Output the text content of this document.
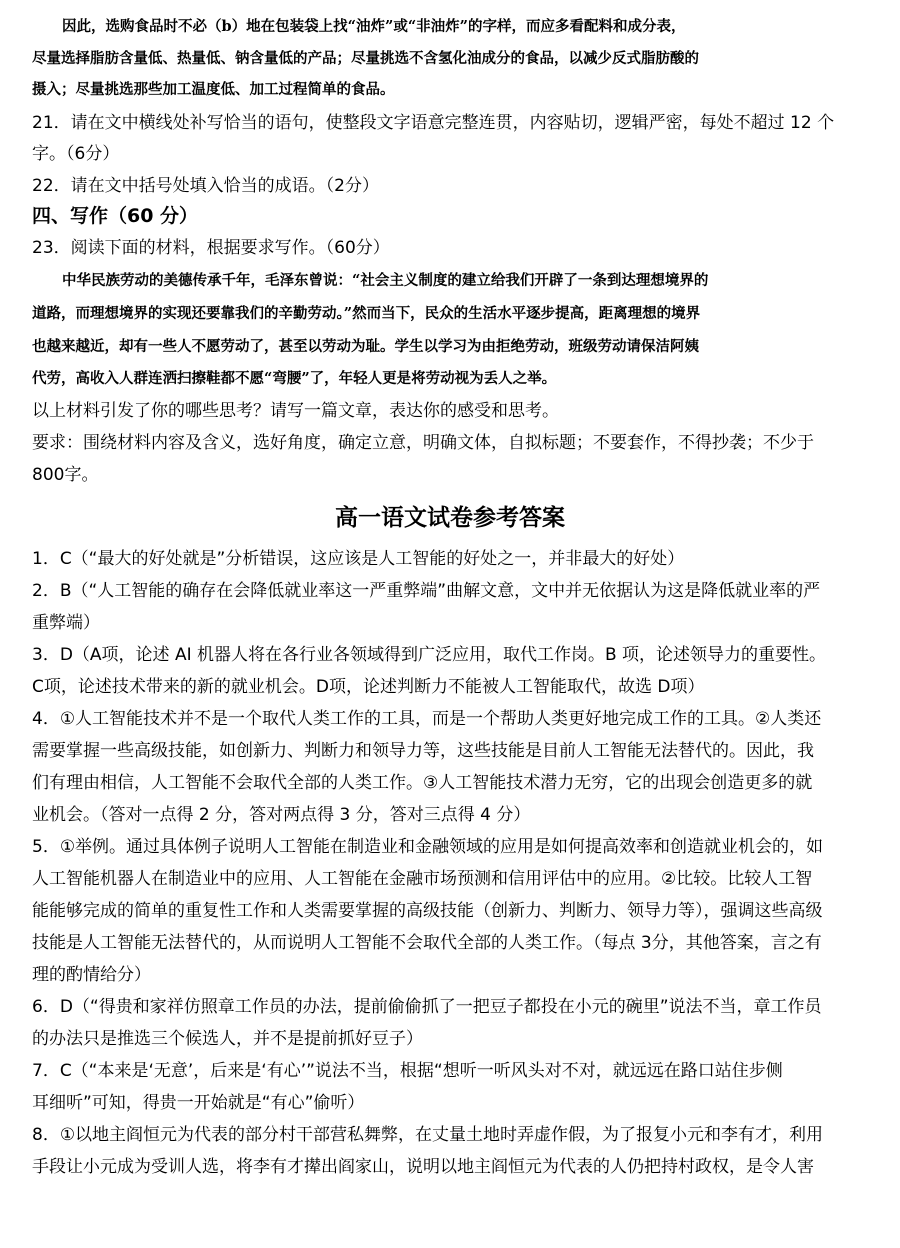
因此，选购食品时不必（b）地在包装袋上找“油炸”或“非油炸”的字样，而应多看配料和成分表，
尽量选择脂肪含量低、热量低、钠含量低的产品；尽量挑选不含氢化油成分的食品，以减少反式脂肪酸的
摄入；尽量挑选那些加工温度低、加工过程简单的食品。
21．请在文中横线处补写恰当的语句，使整段文字语意完整连贯，内容贴切，逻辑严密，每处不超过 12 个
字。（6分）
22．请在文中括号处填入恰当的成语。（2分）
四、写作（60 分）
23．阅读下面的材料，根据要求写作。（60分）
中华民族劳动的美德传承千年，毛泽东曾说：“社会主义制度的建立给我们开辟了一条到达理想境界的
道路，而理想境界的实现还要靠我们的辛勤劳动。”然而当下，民众的生活水平逐步提高，距离理想的境界
也越来越近，却有一些人不愿劳动了，甚至以劳动为耻。学生以学习为由拒绝劳动，班级劳动请保洁阿姨
代劳，高收入人群连洒扫擦鞋都不愿“弯腰”了，年轻人更是将劳动视为丢人之举。
以上材料引发了你的哪些思考？请写一篇文章，表达你的感受和思考。
要求：围绕材料内容及含义，选好角度，确定立意，明确文体，自拟标题；不要套作，不得抄袭；不少于
800字。
高一语文试卷参考答案
1．C（“最大的好处就是”分析错误，这应该是人工智能的好处之一，并非最大的好处）
2．B（“人工智能的确存在会降低就业率这一严重弊端”曲解文意，文中并无依据认为这是降低就业率的严
重弊端）
3．D（A项，论述 AI 机器人将在各行业各领域得到广泛应用，取代工作岗。B 项，论述领导力的重要性。
C项，论述技术带来的新的就业机会。D项，论述判断力不能被人工智能取代，故选 D项）
4．①人工智能技术并不是一个取代人类工作的工具，而是一个帮助人类更好地完成工作的工具。②人类还
需要掌握一些高级技能，如创新力、判断力和领导力等，这些技能是目前人工智能无法替代的。因此，我
们有理由相信，人工智能不会取代全部的人类工作。③人工智能技术潜力无穷，它的出现会创造更多的就
业机会。（答对一点得 2 分，答对两点得 3 分，答对三点得 4 分）
5．①举例。通过具体例子说明人工智能在制造业和金融领域的应用是如何提高效率和创造就业机会的，如
人工智能机器人在制造业中的应用、人工智能在金融市场预测和信用评估中的应用。②比较。比较人工智
能能够完成的简单的重复性工作和人类需要掌握的高级技能（创新力、判断力、领导力等），强调这些高级
技能是人工智能无法替代的，从而说明人工智能不会取代全部的人类工作。（每点 3分，其他答案，言之有
理的酌情给分）
6．D（“得贵和家祥仿照章工作员的办法，提前偷偷抓了一把豆子都投在小元的碗里”说法不当，章工作员
的办法只是推选三个候选人，并不是提前抓好豆子）
7．C（“本来是‘无意’，后来是‘有心’”说法不当，根据“想听一听风头对不对，就远远在路口站住步侧
耳细听”可知，得贵一开始就是“有心”偷听）
8．①以地主阎恒元为代表的部分村干部营私舞弊，在丈量土地时弄虚作假，为了报复小元和李有才，利用
手段让小元成为受训人选，将李有才撵出阎家山，说明以地主阎恒元为代表的人仍把持村政权，是令人害
